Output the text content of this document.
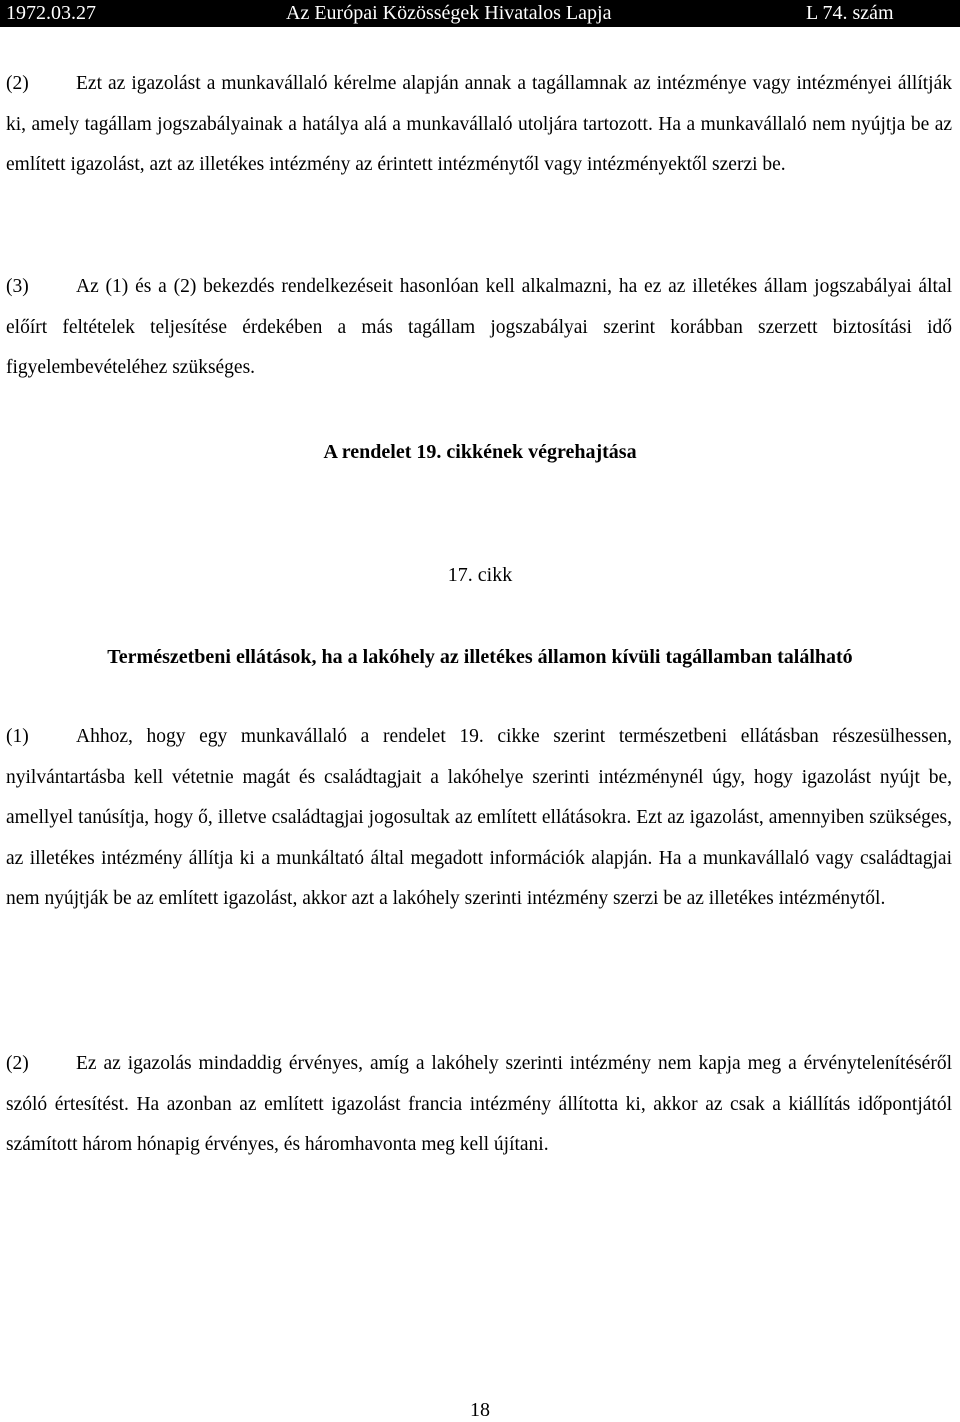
1972.03.27	Az Európai Közösségek Hivatalos Lapja	L 74. szám

(2) Ezt az igazolást a munkavállaló kérelme alapján annak a tagállamnak az intézménye vagy intézményei állítják ki, amely tagállam jogszabályainak a hatálya alá a munkavállaló utoljára tartozott. Ha a munkavállaló nem nyújtja be az említett igazolást, azt az illetékes intézmény az érintett intézménytől vagy intézményektől szerzi be.

(3) Az (1) és a (2) bekezdés rendelkezéseit hasonlóan kell alkalmazni, ha ez az illetékes állam jogszabályai által előírt feltételek teljesítése érdekében a más tagállam jogszabályai szerint korábban szerzett biztosítási idő figyelembevételéhez szükséges.

A rendelet 19. cikkének végrehajtása

17. cikk

Természetbeni ellátások, ha a lakóhely az illetékes államon kívüli tagállamban található

(1) Ahhoz, hogy egy munkavállaló a rendelet 19. cikke szerint természetbeni ellátásban részesülhessen, nyilvántartásba kell vétetnie magát és családtagjait a lakóhelye szerinti intézménynél úgy, hogy igazolást nyújt be, amellyel tanúsítja, hogy ő, illetve családtagjai jogosultak az említett ellátásokra. Ezt az igazolást, amennyiben szükséges, az illetékes intézmény állítja ki a munkáltató által megadott információk alapján. Ha a munkavállaló vagy családtagjai nem nyújtják be az említett igazolást, akkor azt a lakóhely szerinti intézmény szerzi be az illetékes intézménytől.

(2) Ez az igazolás mindaddig érvényes, amíg a lakóhely szerinti intézmény nem kapja meg a érvénytelenítéséről szóló értesítést. Ha azonban az említett igazolást francia intézmény állította ki, akkor az csak a kiállítás időpontjától számított három hónapig érvényes, és háromhavonta meg kell újítani.

18
